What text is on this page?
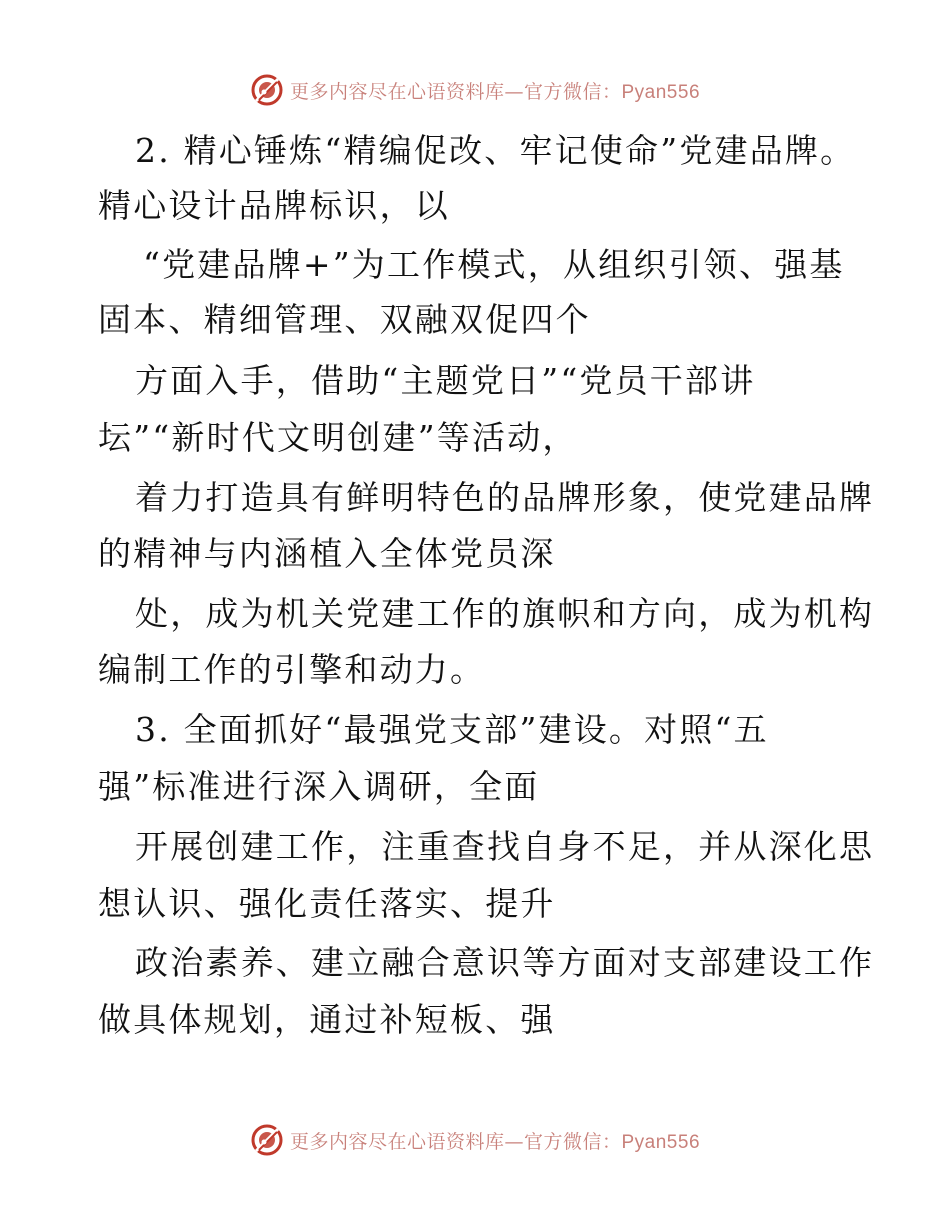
更多内容尽在心语资料库—官方微信：Pyan556
2. 精心锤炼“精编促改、牢记使命”党建品牌。
精心设计品牌标识，以
“党建品牌+”为工作模式，从组织引领、强基
固本、精细管理、双融双促四个
方面入手，借助“主题党日”“党员干部讲
坛”“新时代文明创建”等活动，
着力打造具有鲜明特色的品牌形象，使党建品牌
的精神与内涵植入全体党员深
处，成为机关党建工作的旗帜和方向，成为机构
编制工作的引擎和动力。
3. 全面抓好“最强党支部”建设。对照“五
强”标准进行深入调研，全面
开展创建工作，注重查找自身不足，并从深化思
想认识、强化责任落实、提升
政治素养、建立融合意识等方面对支部建设工作
做具体规划，通过补短板、强
更多内容尽在心语资料库—官方微信：Pyan556
